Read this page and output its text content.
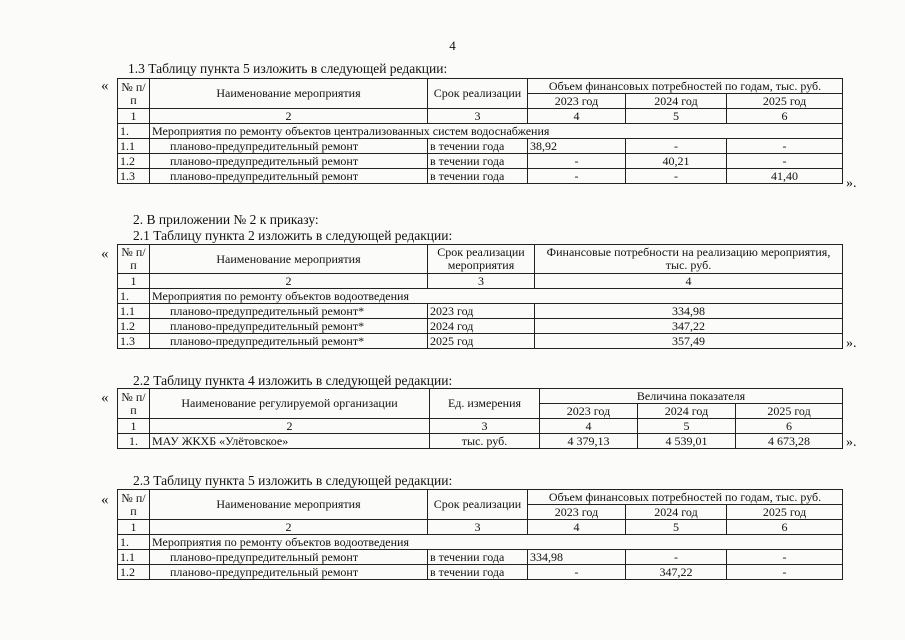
4
1.3 Таблицу пункта 5 изложить в следующей редакции:
« № п/п	Наименование мероприятия	Срок реализации	Объем финансовых потребностей по годам, тыс. руб.		
			2023 год	2024 год	2025 год
1	2	3	4	5	6
1.	Мероприятия по ремонту объектов централизованных систем водоснабжения				
1.1	планово-предупредительный ремонт	в течении года	38,92	-	-
1.2	планово-предупредительный ремонт	в течении года	-	40,21	-
1.3	планово-предупредительный ремонт	в течении года	-	-	41,40
».
2. В приложении № 2 к приказу:
2.1 Таблицу пункта 2 изложить в следующей редакции:
« № п/п	Наименование мероприятия	Срок реализации мероприятия	Финансовые потребности на реализацию мероприятия, тыс. руб.
1	2	3	4
1.	Мероприятия по ремонту объектов водоотведения		
1.1	планово-предупредительный ремонт*	2023 год	334,98
1.2	планово-предупредительный ремонт*	2024 год	347,22
1.3	планово-предупредительный ремонт*	2025 год	357,49	».
2.2 Таблицу пункта 4 изложить в следующей редакции:
« № п/п	Наименование регулируемой организации	Ед. измерения	Величина показателя		
			2023 год	2024 год	2025 год
1	2	3	4	5	6
1.	МАУ ЖКХБ «Улётовское»	тыс. руб.	4 379,13	4 539,01	4 673,28	».
2.3 Таблицу пункта 5 изложить в следующей редакции:
« № п/п	Наименование мероприятия	Срок реализации	Объем финансовых потребностей по годам, тыс. руб.		
			2023 год	2024 год	2025 год
1	2	3	4	5	6
1.	Мероприятия по ремонту объектов водоотведения				
1.1	планово-предупредительный ремонт	в течении года	334,98	-	-
1.2	планово-предупредительный ремонт	в течении года	-	347,22	-
